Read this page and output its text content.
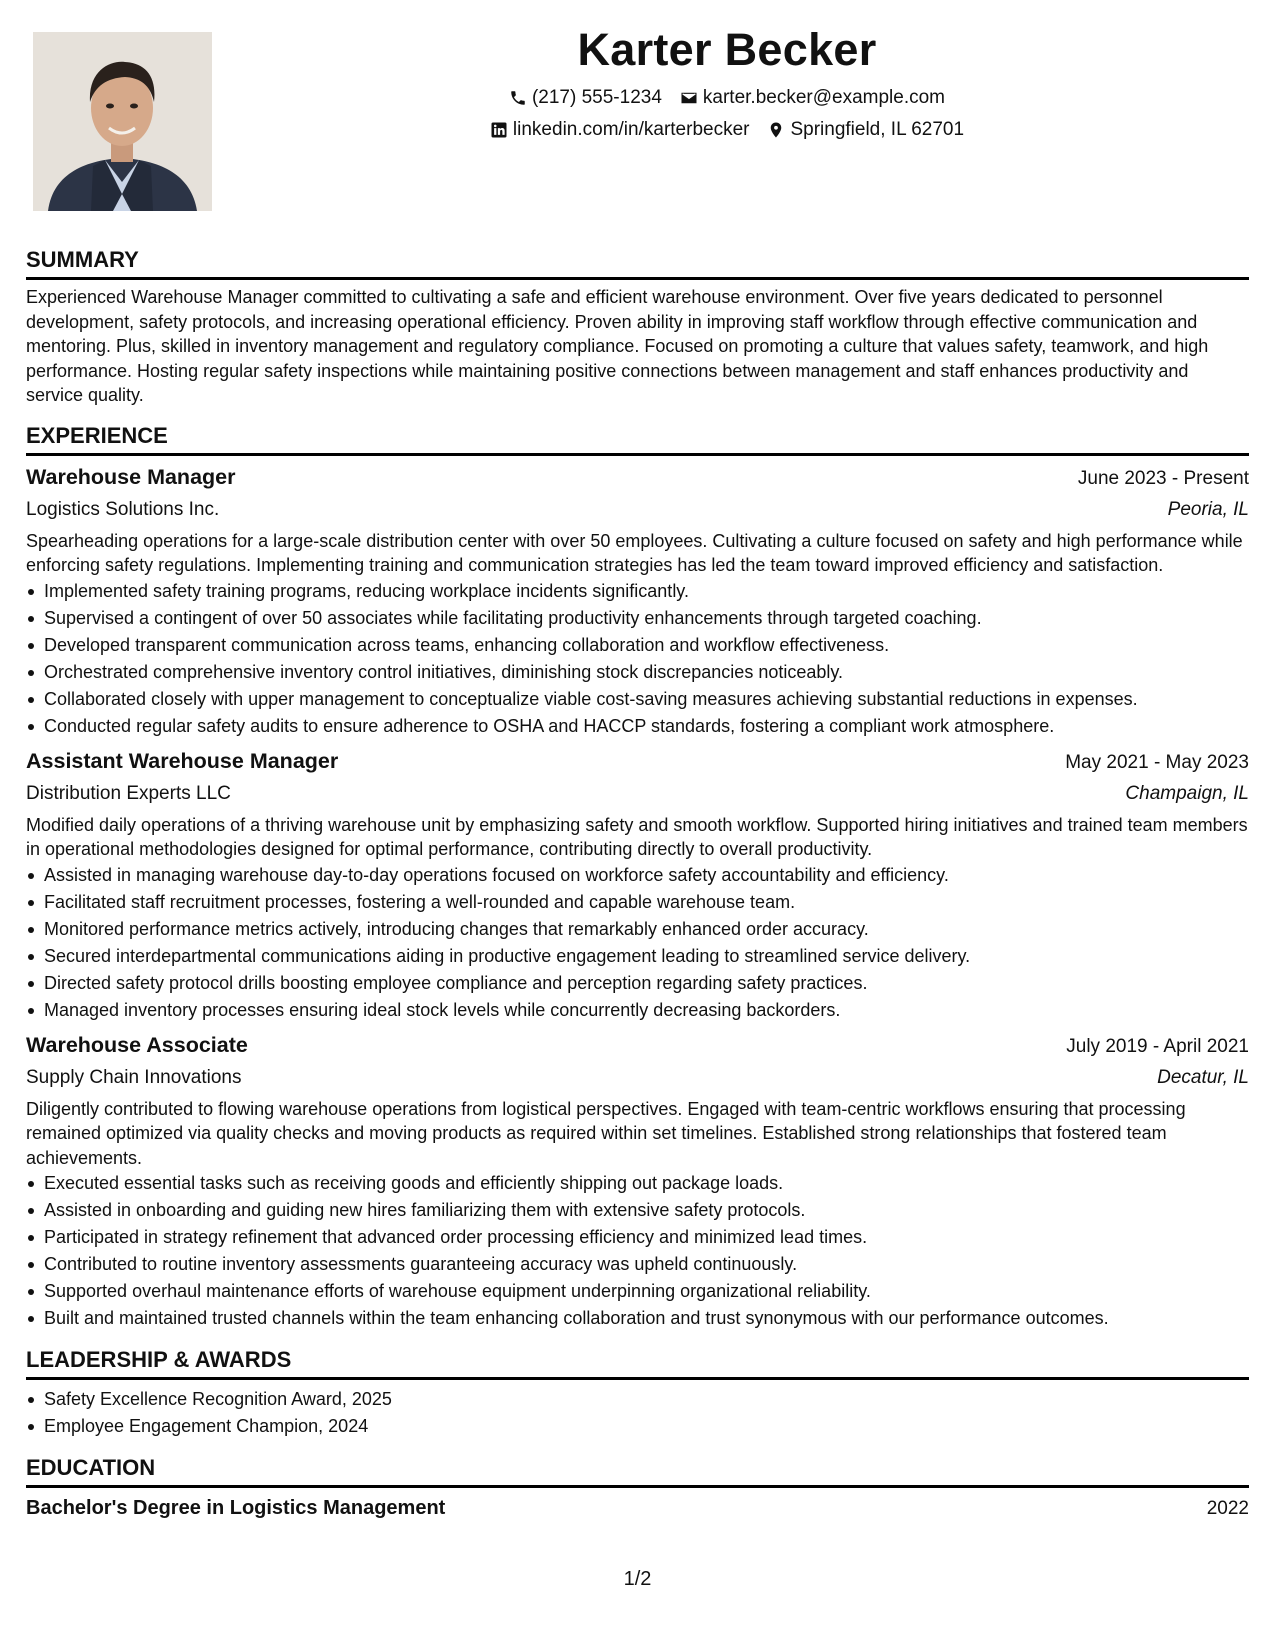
Karter Becker
(217) 555-1234 karter.becker@example.com
linkedin.com/in/karterbecker Springfield, IL 62701
SUMMARY

Experienced Warehouse Manager committed to cultivating a safe and efficient warehouse environment. Over five years dedicated to personnel development, safety protocols, and increasing operational efficiency. Proven ability in improving staff workflow through effective communication and mentoring. Plus, skilled in inventory management and regulatory compliance. Focused on promoting a culture that values safety, teamwork, and high performance. Hosting regular safety inspections while maintaining positive connections between management and staff enhances productivity and service quality.

EXPERIENCE
Warehouse Manager	June 2023 - Present
Logistics Solutions Inc.	Peoria, IL

Spearheading operations for a large-scale distribution center with over 50 employees. Cultivating a culture focused on safety and high performance while enforcing safety regulations. Implementing training and communication strategies has led the team toward improved efficiency and satisfaction.

Implemented safety training programs, reducing workplace incidents significantly.
Supervised a contingent of over 50 associates while facilitating productivity enhancements through targeted coaching.
Developed transparent communication across teams, enhancing collaboration and workflow effectiveness.
Orchestrated comprehensive inventory control initiatives, diminishing stock discrepancies noticeably.
Collaborated closely with upper management to conceptualize viable cost-saving measures achieving substantial reductions in expenses.
Conducted regular safety audits to ensure adherence to OSHA and HACCP standards, fostering a compliant work atmosphere.
Assistant Warehouse Manager	May 2021 - May 2023
Distribution Experts LLC	Champaign, IL

Modified daily operations of a thriving warehouse unit by emphasizing safety and smooth workflow. Supported hiring initiatives and trained team members in operational methodologies designed for optimal performance, contributing directly to overall productivity.

Assisted in managing warehouse day-to-day operations focused on workforce safety accountability and efficiency.
Facilitated staff recruitment processes, fostering a well-rounded and capable warehouse team.
Monitored performance metrics actively, introducing changes that remarkably enhanced order accuracy.
Secured interdepartmental communications aiding in productive engagement leading to streamlined service delivery.
Directed safety protocol drills boosting employee compliance and perception regarding safety practices.
Managed inventory processes ensuring ideal stock levels while concurrently decreasing backorders.
Warehouse Associate	July 2019 - April 2021
Supply Chain Innovations	Decatur, IL

Diligently contributed to flowing warehouse operations from logistical perspectives. Engaged with team-centric workflows ensuring that processing remained optimized via quality checks and moving products as required within set timelines. Established strong relationships that fostered team achievements.

Executed essential tasks such as receiving goods and efficiently shipping out package loads.
Assisted in onboarding and guiding new hires familiarizing them with extensive safety protocols.
Participated in strategy refinement that advanced order processing efficiency and minimized lead times.
Contributed to routine inventory assessments guaranteeing accuracy was upheld continuously.
Supported overhaul maintenance efforts of warehouse equipment underpinning organizational reliability.
Built and maintained trusted channels within the team enhancing collaboration and trust synonymous with our performance outcomes.
LEADERSHIP & AWARDS
Safety Excellence Recognition Award, 2025
Employee Engagement Champion, 2024
EDUCATION
Bachelor's Degree in Logistics Management	2022
1/2
